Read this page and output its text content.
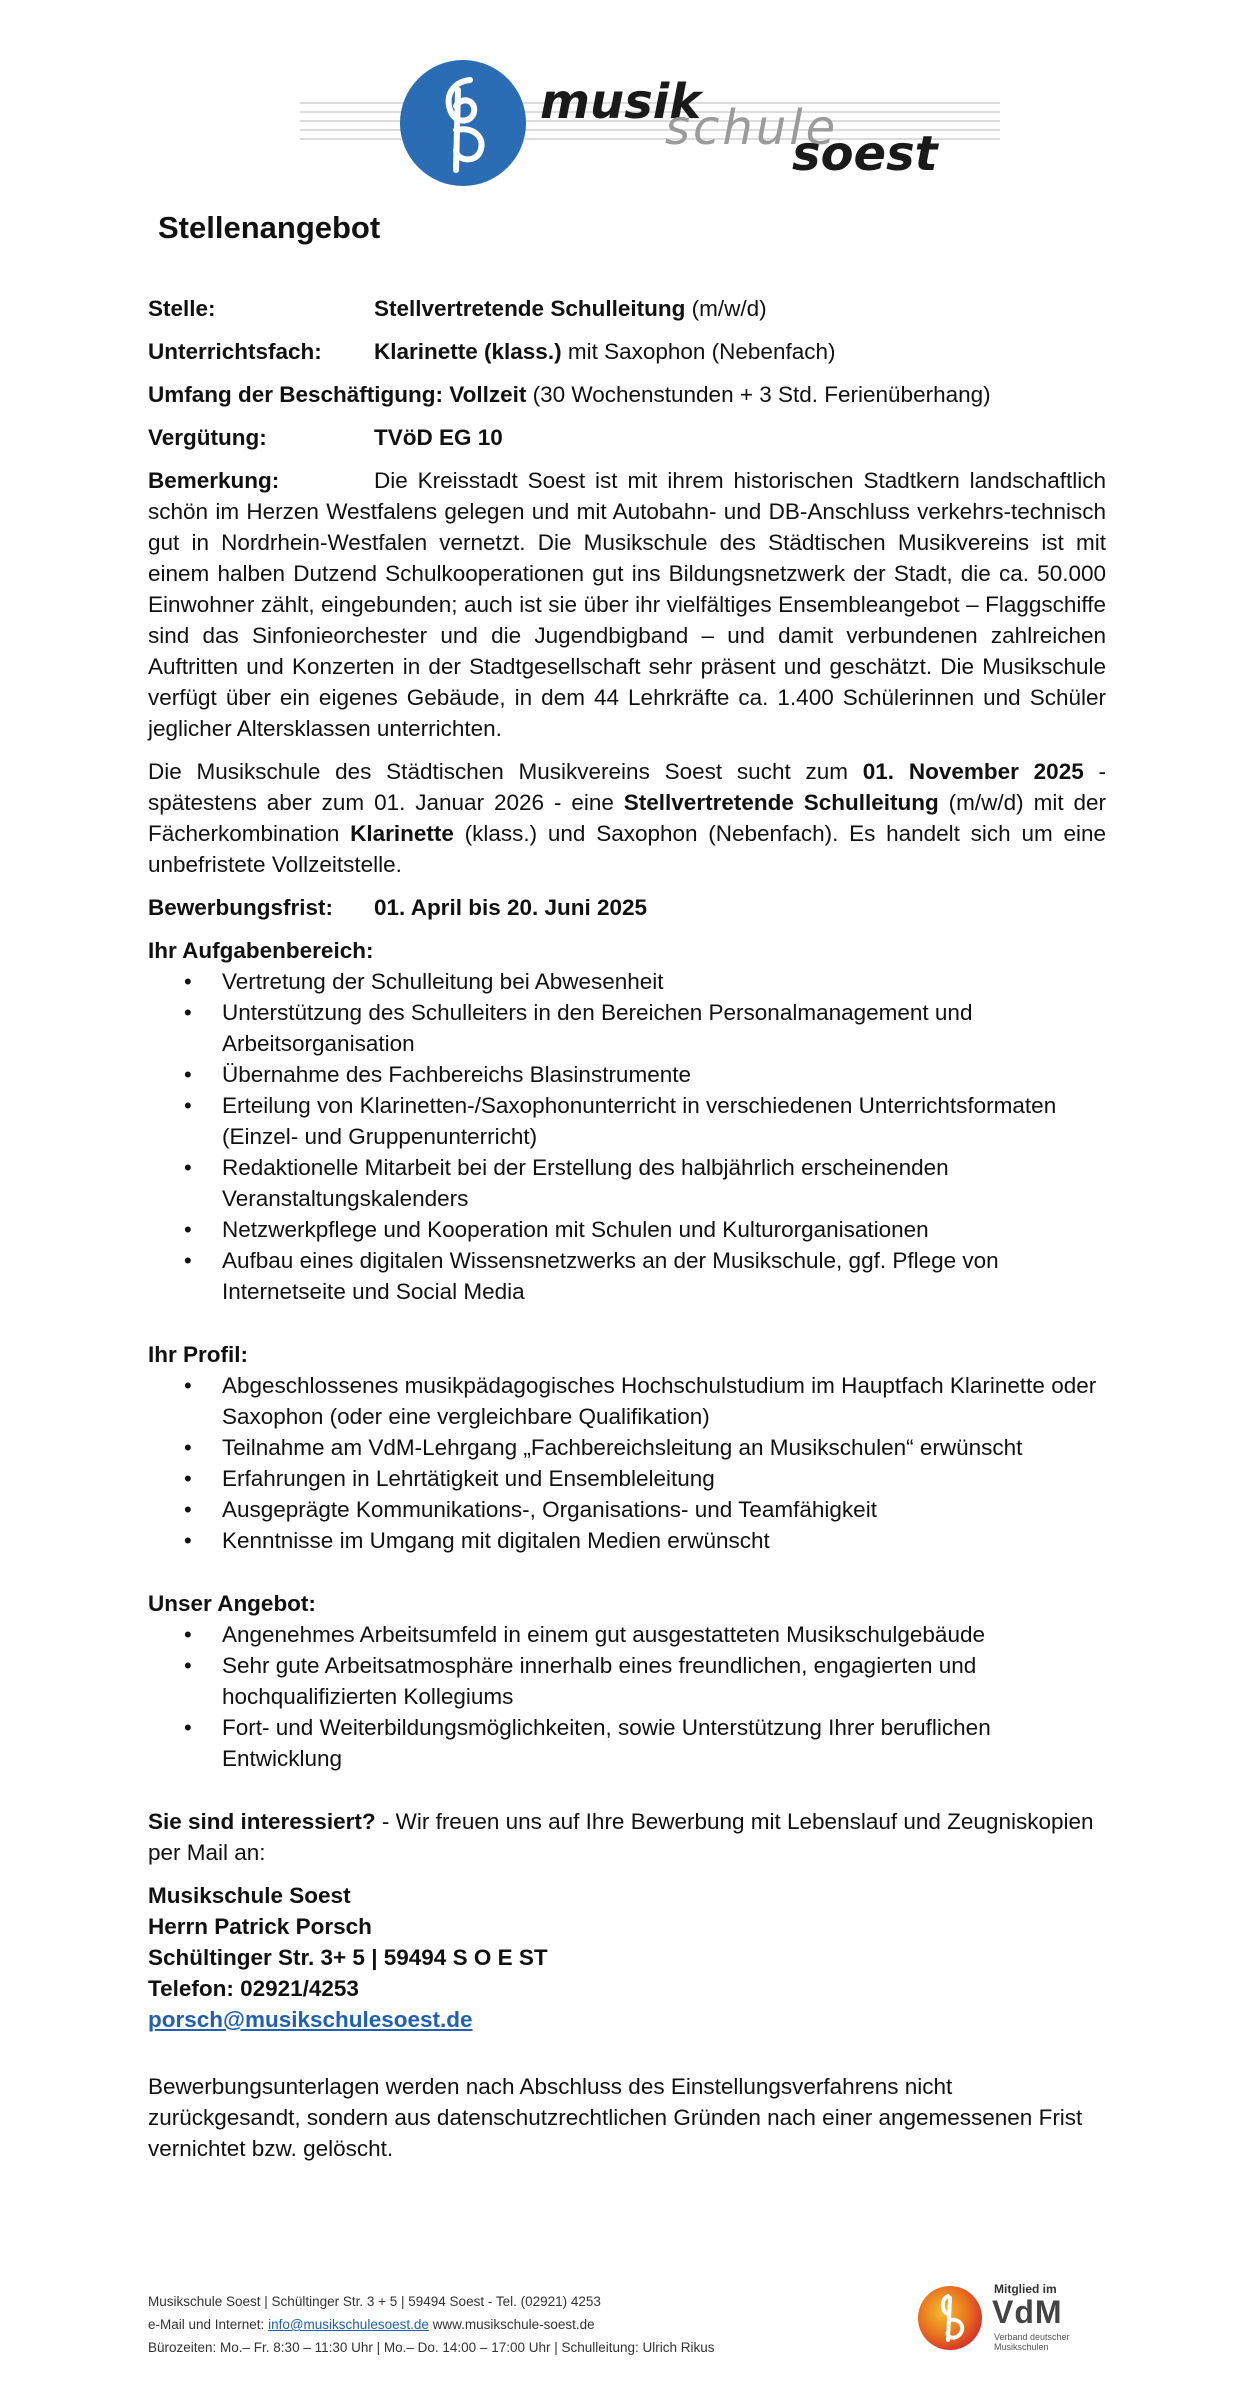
musik
schule
soest
Stellenangebot
Stelle:	Stellvertretende Schulleitung (m/w/d)
Unterrichtsfach: Klarinette (klass.) mit Saxophon (Nebenfach)
Umfang der Beschäftigung: Vollzeit (30 Wochenstunden + 3 Std. Ferienüberhang)
Vergütung:	TVöD EG 10
Bemerkung:	Die Kreisstadt Soest ist mit ihrem historischen Stadtkern landschaftlich schön im Herzen Westfalens gelegen und mit Autobahn- und DB-Anschluss verkehrs-technisch gut in Nordrhein-Westfalen vernetzt. Die Musikschule des Städtischen Musikvereins ist mit einem halben Dutzend Schulkooperationen gut ins Bildungsnetzwerk der Stadt, die ca. 50.000 Einwohner zählt, eingebunden; auch ist sie über ihr vielfältiges Ensembleangebot – Flaggschiffe sind das Sinfonieorchester und die Jugendbigband – und damit verbundenen zahlreichen Auftritten und Konzerten in der Stadtgesellschaft sehr präsent und geschätzt. Die Musikschule verfügt über ein eigenes Gebäude, in dem 44 Lehrkräfte ca. 1.400 Schülerinnen und Schüler jeglicher Altersklassen unterrichten.
Die Musikschule des Städtischen Musikvereins Soest sucht zum 01. November 2025 - spätestens aber zum 01. Januar 2026 - eine Stellvertretende Schulleitung (m/w/d) mit der Fächerkombination Klarinette (klass.) und Saxophon (Nebenfach). Es handelt sich um eine unbefristete Vollzeitstelle.
Bewerbungsfrist: 01. April bis 20. Juni 2025
Ihr Aufgabenbereich:
• Vertretung der Schulleitung bei Abwesenheit
• Unterstützung des Schulleiters in den Bereichen Personalmanagement und Arbeitsorganisation
• Übernahme des Fachbereichs Blasinstrumente
• Erteilung von Klarinetten-/Saxophonunterricht in verschiedenen Unterrichtsformaten (Einzel- und Gruppenunterricht)
• Redaktionelle Mitarbeit bei der Erstellung des halbjährlich erscheinenden Veranstaltungskalenders
• Netzwerkpflege und Kooperation mit Schulen und Kulturorganisationen
• Aufbau eines digitalen Wissensnetzwerks an der Musikschule, ggf. Pflege von Internetseite und Social Media
Ihr Profil:
• Abgeschlossenes musikpädagogisches Hochschulstudium im Hauptfach Klarinette oder Saxophon (oder eine vergleichbare Qualifikation)
• Teilnahme am VdM-Lehrgang „Fachbereichsleitung an Musikschulen“ erwünscht
• Erfahrungen in Lehrtätigkeit und Ensembleleitung
• Ausgeprägte Kommunikations-, Organisations- und Teamfähigkeit
• Kenntnisse im Umgang mit digitalen Medien erwünscht
Unser Angebot:
• Angenehmes Arbeitsumfeld in einem gut ausgestatteten Musikschulgebäude
• Sehr gute Arbeitsatmosphäre innerhalb eines freundlichen, engagierten und hochqualifizierten Kollegiums
• Fort- und Weiterbildungsmöglichkeiten, sowie Unterstützung Ihrer beruflichen Entwicklung
Sie sind interessiert? - Wir freuen uns auf Ihre Bewerbung mit Lebenslauf und Zeugniskopien per Mail an:
Musikschule Soest
Herrn Patrick Porsch
Schültinger Str. 3+ 5 | 59494 S O E ST
Telefon: 02921/4253
porsch@musikschulesoest.de
Bewerbungsunterlagen werden nach Abschluss des Einstellungsverfahrens nicht zurückgesandt, sondern aus datenschutzrechtlichen Gründen nach einer angemessenen Frist vernichtet bzw. gelöscht.
Musikschule Soest | Schültinger Str. 3 + 5 | 59494 Soest - Tel. (02921) 4253
e-Mail und Internet: info@musikschulesoest.de www.musikschule-soest.de
Bürozeiten: Mo.– Fr. 8:30 – 11:30 Uhr | Mo.– Do. 14:00 – 17:00 Uhr | Schulleitung: Ulrich Rikus
Mitglied im
VdM
Verband deutscher Musikschulen
